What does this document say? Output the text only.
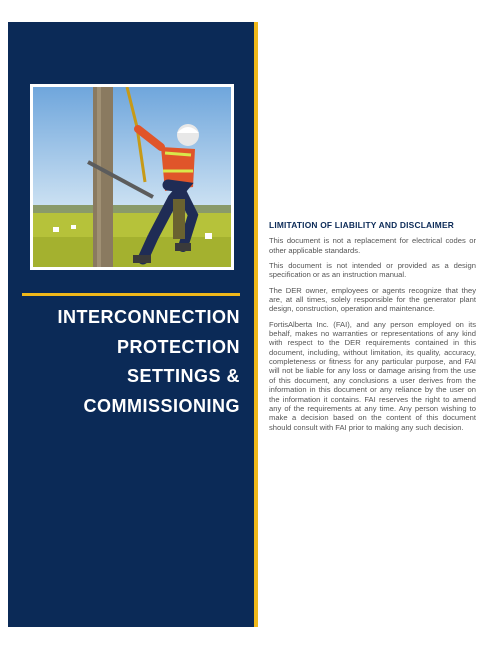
INTERCONNECTION
PROTECTION
SETTINGS &
COMMISSIONING
LIMITATION OF LIABILITY AND DISCLAIMER

This document is not a replacement for electrical codes or other applicable standards.

This document is not intended or provided as a design specification or as an instruction manual.

The DER owner, employees or agents recognize that they are, at all times, solely responsible for the generator plant design, construction, operation and maintenance.

FortisAlberta Inc. (FAI), and any person employed on its behalf, makes no warranties or representations of any kind with respect to the DER requirements contained in this document, including, without limitation, its quality, accuracy, completeness or fitness for any particular purpose, and FAI will not be liable for any loss or damage arising from the use of this document, any conclusions a user derives from the information in this document or any reliance by the user on the information it contains. FAI reserves the right to amend any of the requirements at any time. Any person wishing to make a decision based on the content of this document should consult with FAI prior to making any such decision.
